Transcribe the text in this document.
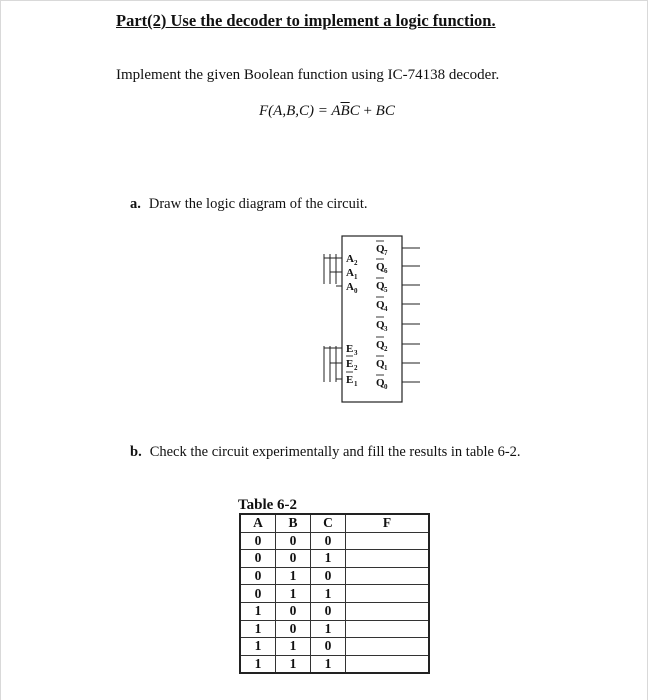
Part(2) Use the decoder to implement a logic function.
Implement the given Boolean function using IC-74138 decoder.
$F(A,B,C) = A\overline{B}C$ + BC
a. Draw the logic diagram of the circuit.
A 2
A 1
A 0
E 3
E 2
E 1
Q 7
Q 6
Q 5
Q 4
Q 3
Q 2
Q 1
Q 0
b. Check the circuit experimentally and fill the results in table 6-2.
Table 6-2
A	B	C	F
0	0	0	
0	0	1	
0	1	0	
0	1	1	
1	0	0	
1	0	1	
1	1	0	
1	1	1	
